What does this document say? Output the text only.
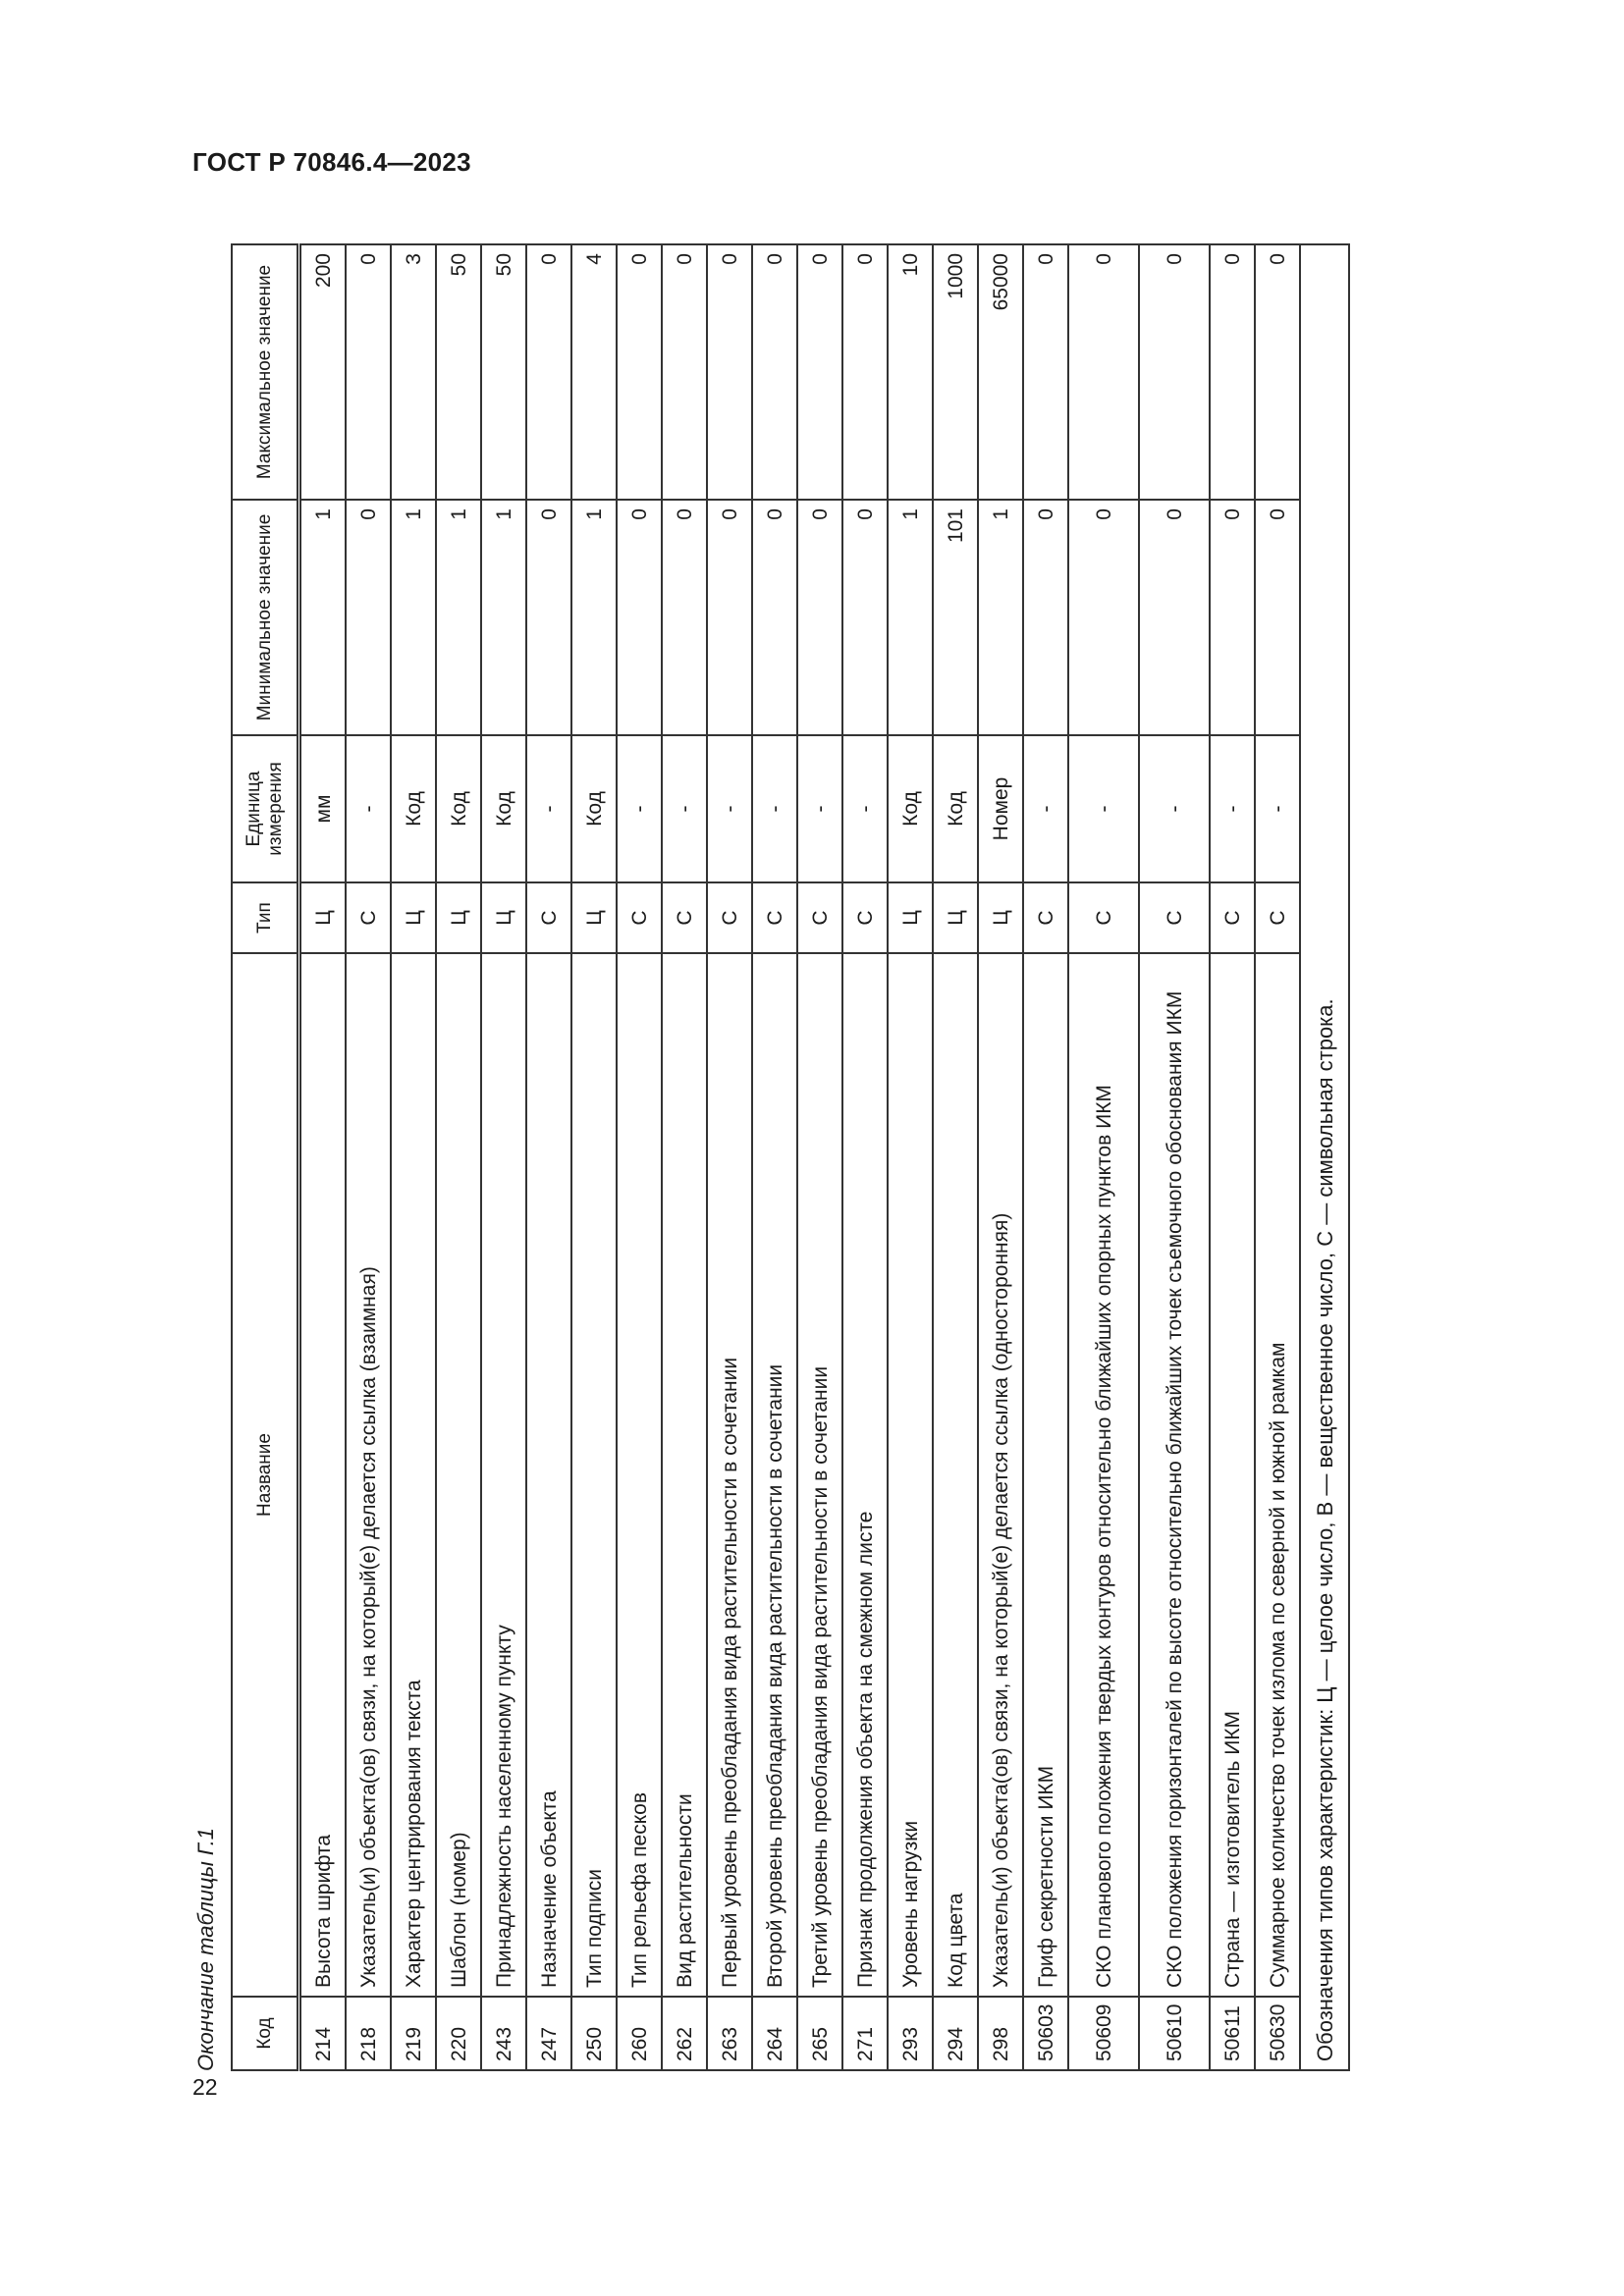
ГОСТ Р 70846.4—2023
22
Окончание таблицы Г.1 Код	Название	Тип	Единица измерения	Минимальное значение	Максимальное значение
214	Высота шрифта	Ц	мм	1	200
218	Указатель(и) объекта(ов) связи, на который(е) делается ссылка (взаимная)	С	-	0	0
219	Характер центрирования текста	Ц	Код	1	3
220	Шаблон (номер)	Ц	Код	1	50
243	Принадлежность населенному пункту	Ц	Код	1	50
247	Назначение объекта	С	-	0	0
250	Тип подписи	Ц	Код	1	4
260	Тип рельефа песков	С	-	0	0
262	Вид растительности	С	-	0	0
263	Первый уровень преобладания вида растительности в сочетании	С	-	0	0
264	Второй уровень преобладания вида растительности в сочетании	С	-	0	0
265	Третий уровень преобладания вида растительности в сочетании	С	-	0	0
271	Признак продолжения объекта на смежном листе	С	-	0	0
293	Уровень нагрузки	Ц	Код	1	10
294	Код цвета	Ц	Код	101	1000
298	Указатель(и) объекта(ов) связи, на который(е) делается ссылка (односторонняя)	Ц	Номер	1	65000
50603	Гриф секретности ИКМ	С	-	0	0
50609	СКО планового положения твердых контуров относительно ближайших опорных пунктов ИКМ	С	-	0	0
50610	СКО положения горизонталей по высоте относительно ближайших точек съемочного обоснования ИКМ	С	-	0	0
50611	Страна — изготовитель ИКМ	С	-	0	0
50630	Суммарное количество точек излома по северной и южной рамкам	С	-	0	0
Обозначения типов характеристик: Ц — целое число, В — вещественное число, С — символьная строка.					
